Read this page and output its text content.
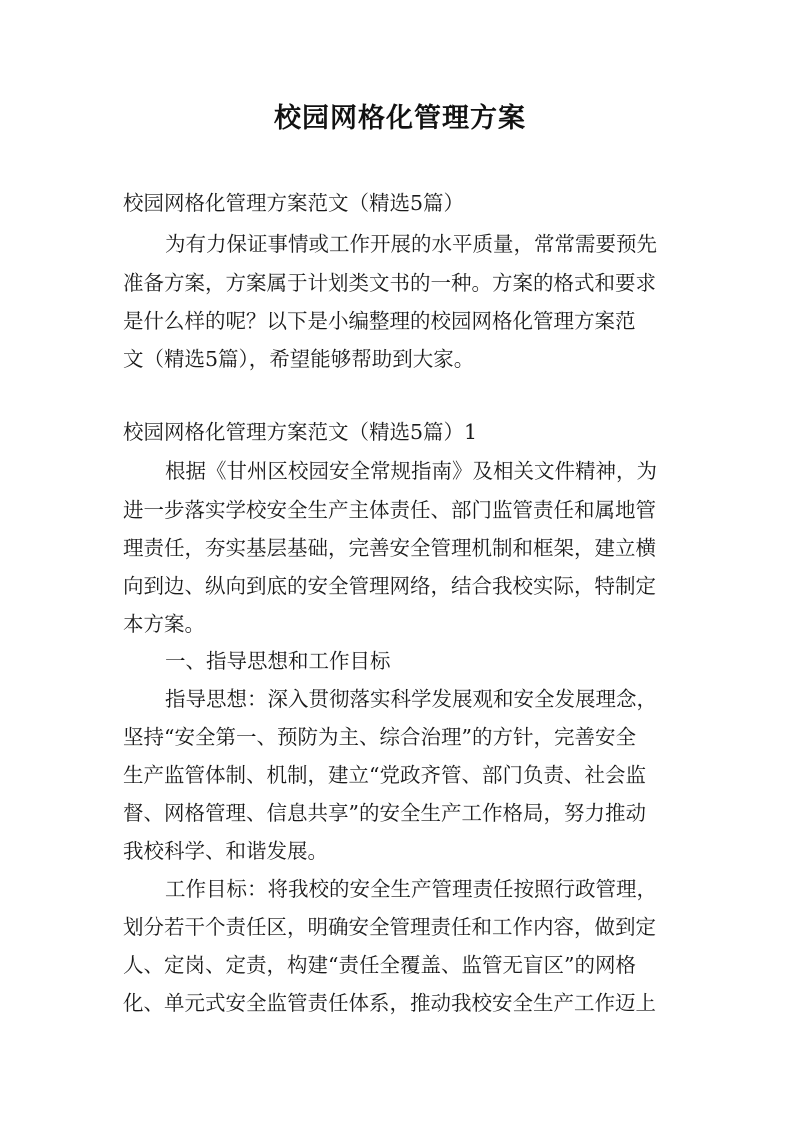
校园网格化管理方案
校园网格化管理方案范文（精选5篇）
为有力保证事情或工作开展的水平质量，常常需要预先
准备方案，方案属于计划类文书的一种。方案的格式和要求
是什么样的呢？以下是小编整理的校园网格化管理方案范
文（精选5篇），希望能够帮助到大家。
校园网格化管理方案范文（精选5篇）1
根据《甘州区校园安全常规指南》及相关文件精神，为
进一步落实学校安全生产主体责任、部门监管责任和属地管
理责任，夯实基层基础，完善安全管理机制和框架，建立横
向到边、纵向到底的安全管理网络，结合我校实际，特制定
本方案。
一、指导思想和工作目标
指导思想：深入贯彻落实科学发展观和安全发展理念，
坚持“安全第一、预防为主、综合治理”的方针，完善安全
生产监管体制、机制，建立“党政齐管、部门负责、社会监
督、网格管理、信息共享”的安全生产工作格局，努力推动
我校科学、和谐发展。
工作目标：将我校的安全生产管理责任按照行政管理，
划分若干个责任区，明确安全管理责任和工作内容，做到定
人、定岗、定责，构建“责任全覆盖、监管无盲区”的网格
化、单元式安全监管责任体系，推动我校安全生产工作迈上
